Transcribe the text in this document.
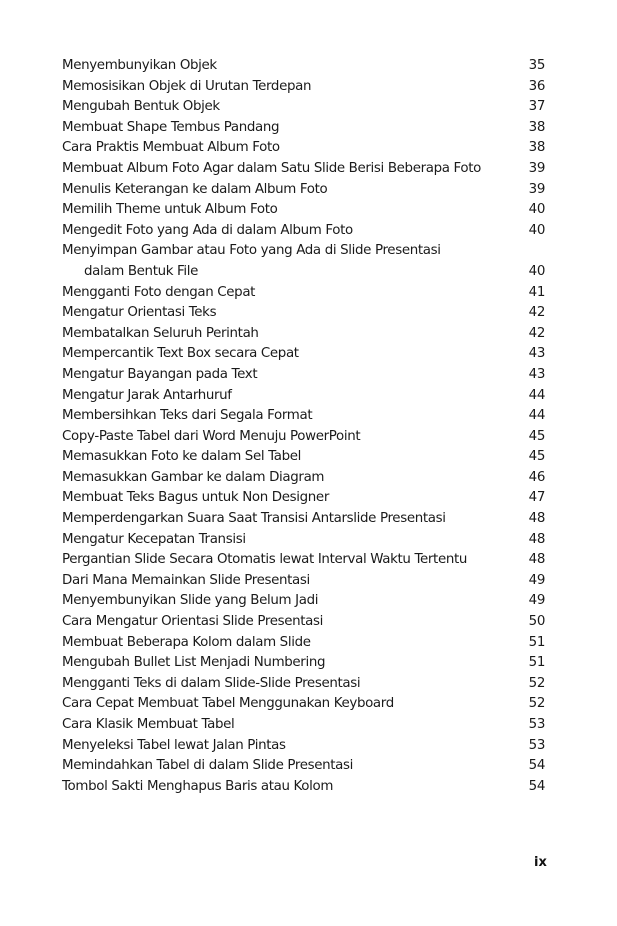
Menyembunyikan Objek	35
Memosisikan Objek di Urutan Terdepan	36
Mengubah Bentuk Objek	37
Membuat Shape Tembus Pandang	38
Cara Praktis Membuat Album Foto	38
Membuat Album Foto Agar dalam Satu Slide Berisi Beberapa Foto	39
Menulis Keterangan ke dalam Album Foto	39
Memilih Theme untuk Album Foto	40
Mengedit Foto yang Ada di dalam Album Foto	40
Menyimpan Gambar atau Foto yang Ada di Slide Presentasi
dalam Bentuk File	40
Mengganti Foto dengan Cepat	41
Mengatur Orientasi Teks	42
Membatalkan Seluruh Perintah	42
Mempercantik Text Box secara Cepat	43
Mengatur Bayangan pada Text	43
Mengatur Jarak Antarhuruf	44
Membersihkan Teks dari Segala Format	44
Copy-Paste Tabel dari Word Menuju PowerPoint	45
Memasukkan Foto ke dalam Sel Tabel	45
Memasukkan Gambar ke dalam Diagram	46
Membuat Teks Bagus untuk Non Designer	47
Memperdengarkan Suara Saat Transisi Antarslide Presentasi	48
Mengatur Kecepatan Transisi	48
Pergantian Slide Secara Otomatis lewat Interval Waktu Tertentu	48
Dari Mana Memainkan Slide Presentasi	49
Menyembunyikan Slide yang Belum Jadi	49
Cara Mengatur Orientasi Slide Presentasi	50
Membuat Beberapa Kolom dalam Slide	51
Mengubah Bullet List Menjadi Numbering	51
Mengganti Teks di dalam Slide-Slide Presentasi	52
Cara Cepat Membuat Tabel Menggunakan Keyboard	52
Cara Klasik Membuat Tabel	53
Menyeleksi Tabel lewat Jalan Pintas	53
Memindahkan Tabel di dalam Slide Presentasi	54
Tombol Sakti Menghapus Baris atau Kolom	54
ix
